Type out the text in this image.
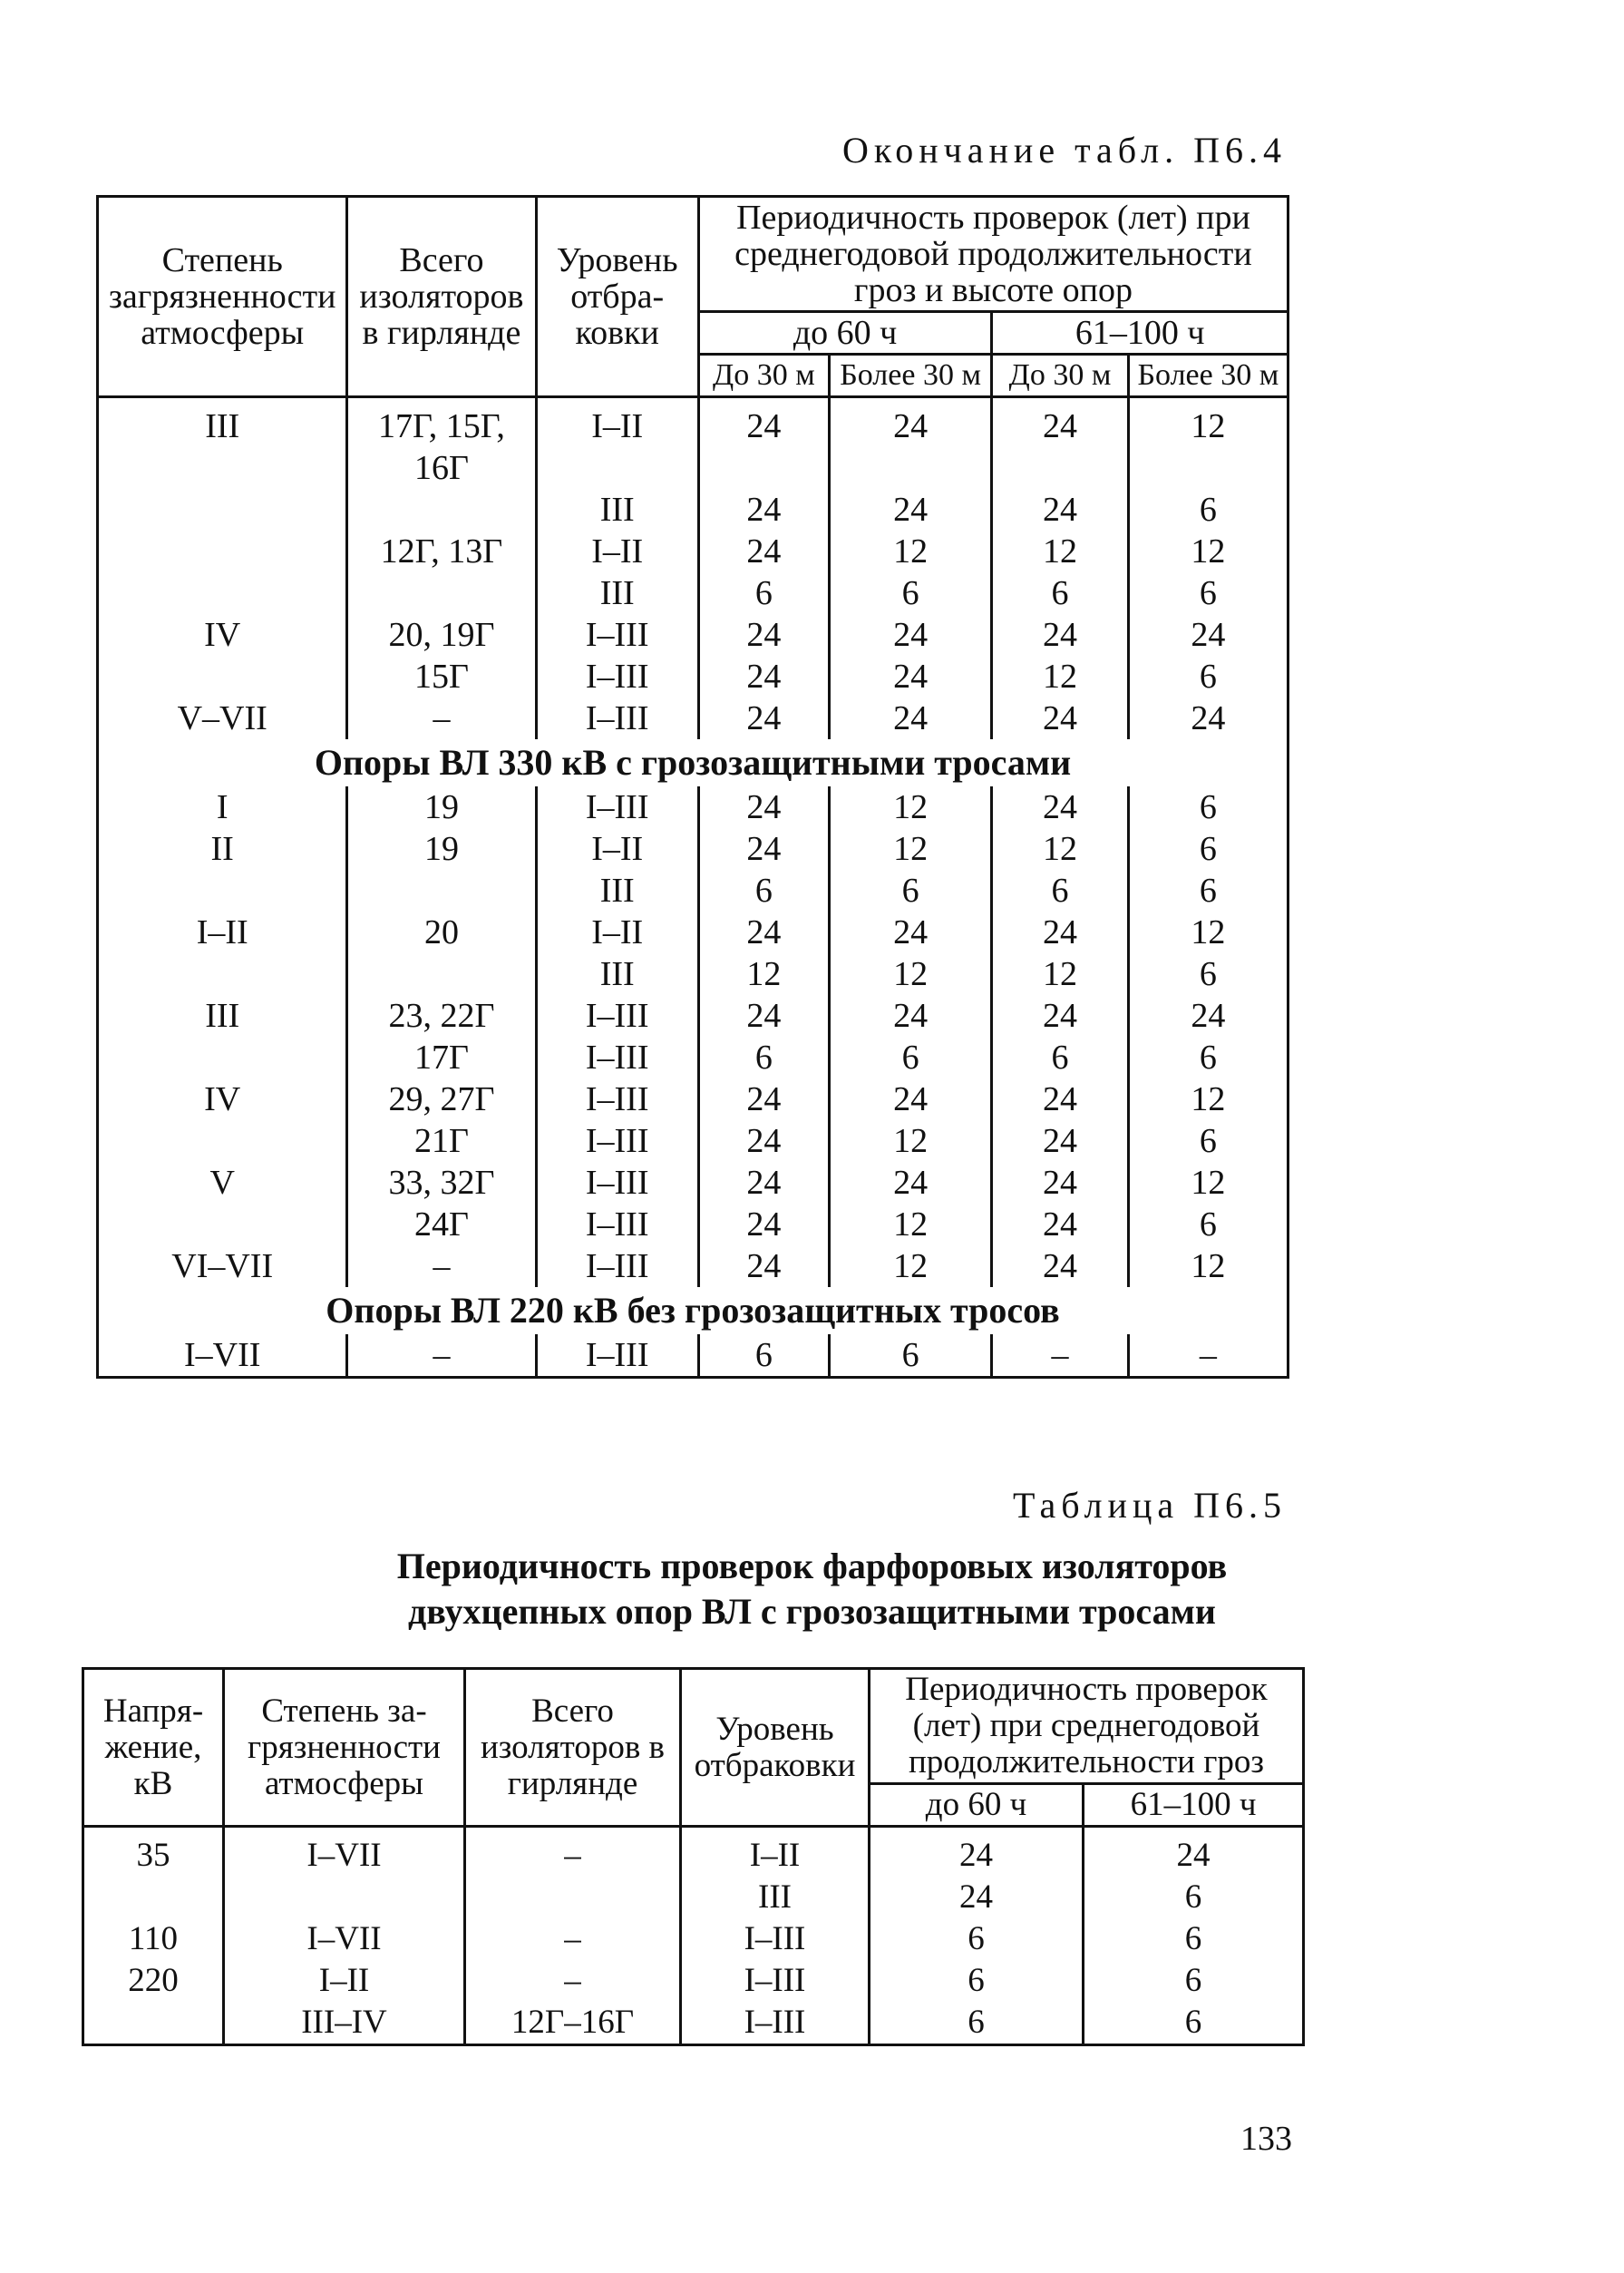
Окончание табл. П6.4
Степень загрязненности атмосферы	Всего изоляторов в гирлянде	Уровень отбра-ковки	Периодичность проверок (лет) при среднегодовой продолжительности гроз и высоте опор			
			до 60 ч		61–100 ч	
			До 30 м	Более 30 м	До 30 м	Более 30 м
III	17Г, 15Г, 16Г	I–II	24	24	24	12
		III	24	24	24	6
	12Г, 13Г	I–II	24	12	12	12
		III	6	6	6	6
IV	20, 19Г	I–III	24	24	24	24
	15Г	I–III	24	24	12	6
V–VII	–	I–III	24	24	24	24
Опоры ВЛ 330 кВ с грозозащитными тросами						
I	19	I–III	24	12	24	6
II	19	I–II	24	12	12	6
		III	6	6	6	6
I–II	20	I–II	24	24	24	12
		III	12	12	12	6
III	23, 22Г	I–III	24	24	24	24
	17Г	I–III	6	6	6	6
IV	29, 27Г	I–III	24	24	24	12
	21Г	I–III	24	12	24	6
V	33, 32Г	I–III	24	24	24	12
	24Г	I–III	24	12	24	6
VI–VII	–	I–III	24	12	24	12
Опоры ВЛ 220 кВ без грозозащитных тросов						
I–VII	–	I–III	6	6	–	–
Таблица П6.5
Периодичность проверок фарфоровых изоляторов
двухцепных опор ВЛ с грозозащитными тросами
Напря-жение, кВ	Степень за-грязненности атмосферы	Всего изоляторов в гирлянде	Уровень отбраковки	Периодичность проверок (лет) при среднегодовой продолжительности гроз	
				до 60 ч	61–100 ч
35	I–VII	–	I–II	24	24
			III	24	6
110	I–VII	–	I–III	6	6
220	I–II	–	I–III	6	6
	III–IV	12Г–16Г	I–III	6	6
133
